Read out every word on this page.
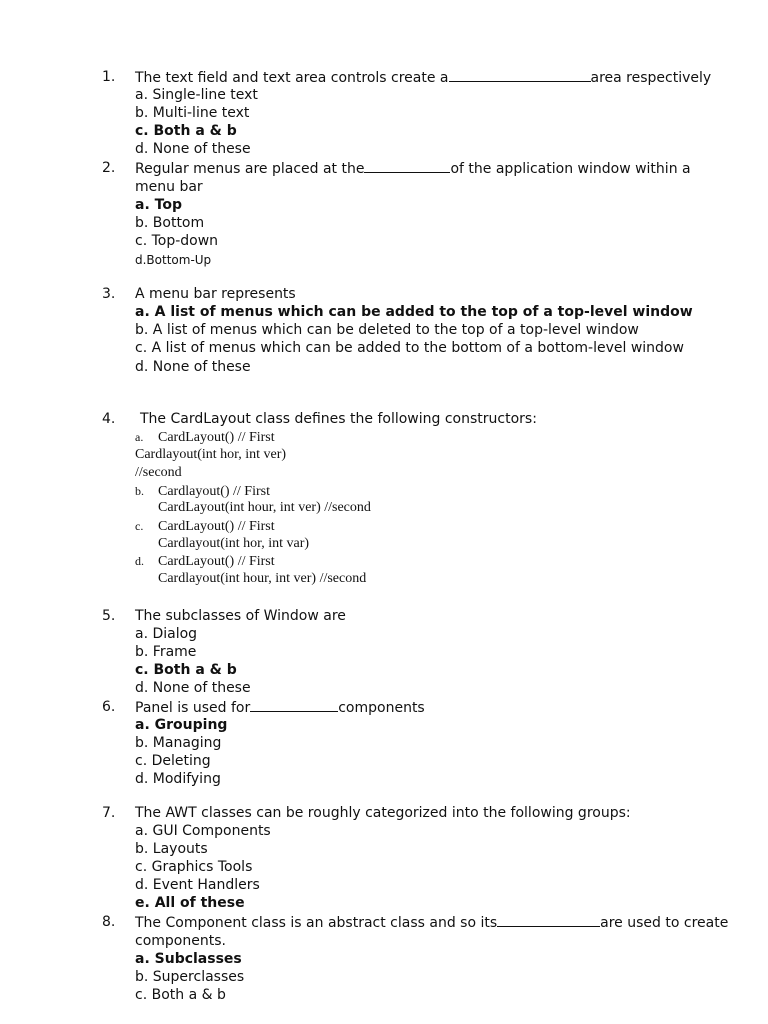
1. The text field and text area controls create a	area respectively
a. Single-line text
b. Multi-line text
c. Both a & b
d. None of these
2. Regular menus are placed at the	of the application window within a
menu bar
a. Top
b. Bottom
c. Top-down
d.Bottom-Up
3. A menu bar represents
a. A list of menus which can be added to the top of a top-level window
b. A list of menus which can be deleted to the top of a top-level window
c. A list of menus which can be added to the bottom of a bottom-level window
d. None of these
4. The CardLayout class defines the following constructors:
a. CardLayout() // First
Cardlayout(int hor, int ver)
//second
b. Cardlayout() // First
CardLayout(int hour, int ver) //second
c. CardLayout() // First
Cardlayout(int hor, int var)
d. CardLayout() // First
Cardlayout(int hour, int ver) //second
5. The subclasses of Window are
a. Dialog
b. Frame
c. Both a & b
d. None of these
6. Panel is used for	components
a. Grouping
b. Managing
c. Deleting
d. Modifying
7. The AWT classes can be roughly categorized into the following groups:
a. GUI Components
b. Layouts
c. Graphics Tools
d. Event Handlers
e. All of these
8. The Component class is an abstract class and so its	are used to create
components.
a. Subclasses
b. Superclasses
c. Both a & b
